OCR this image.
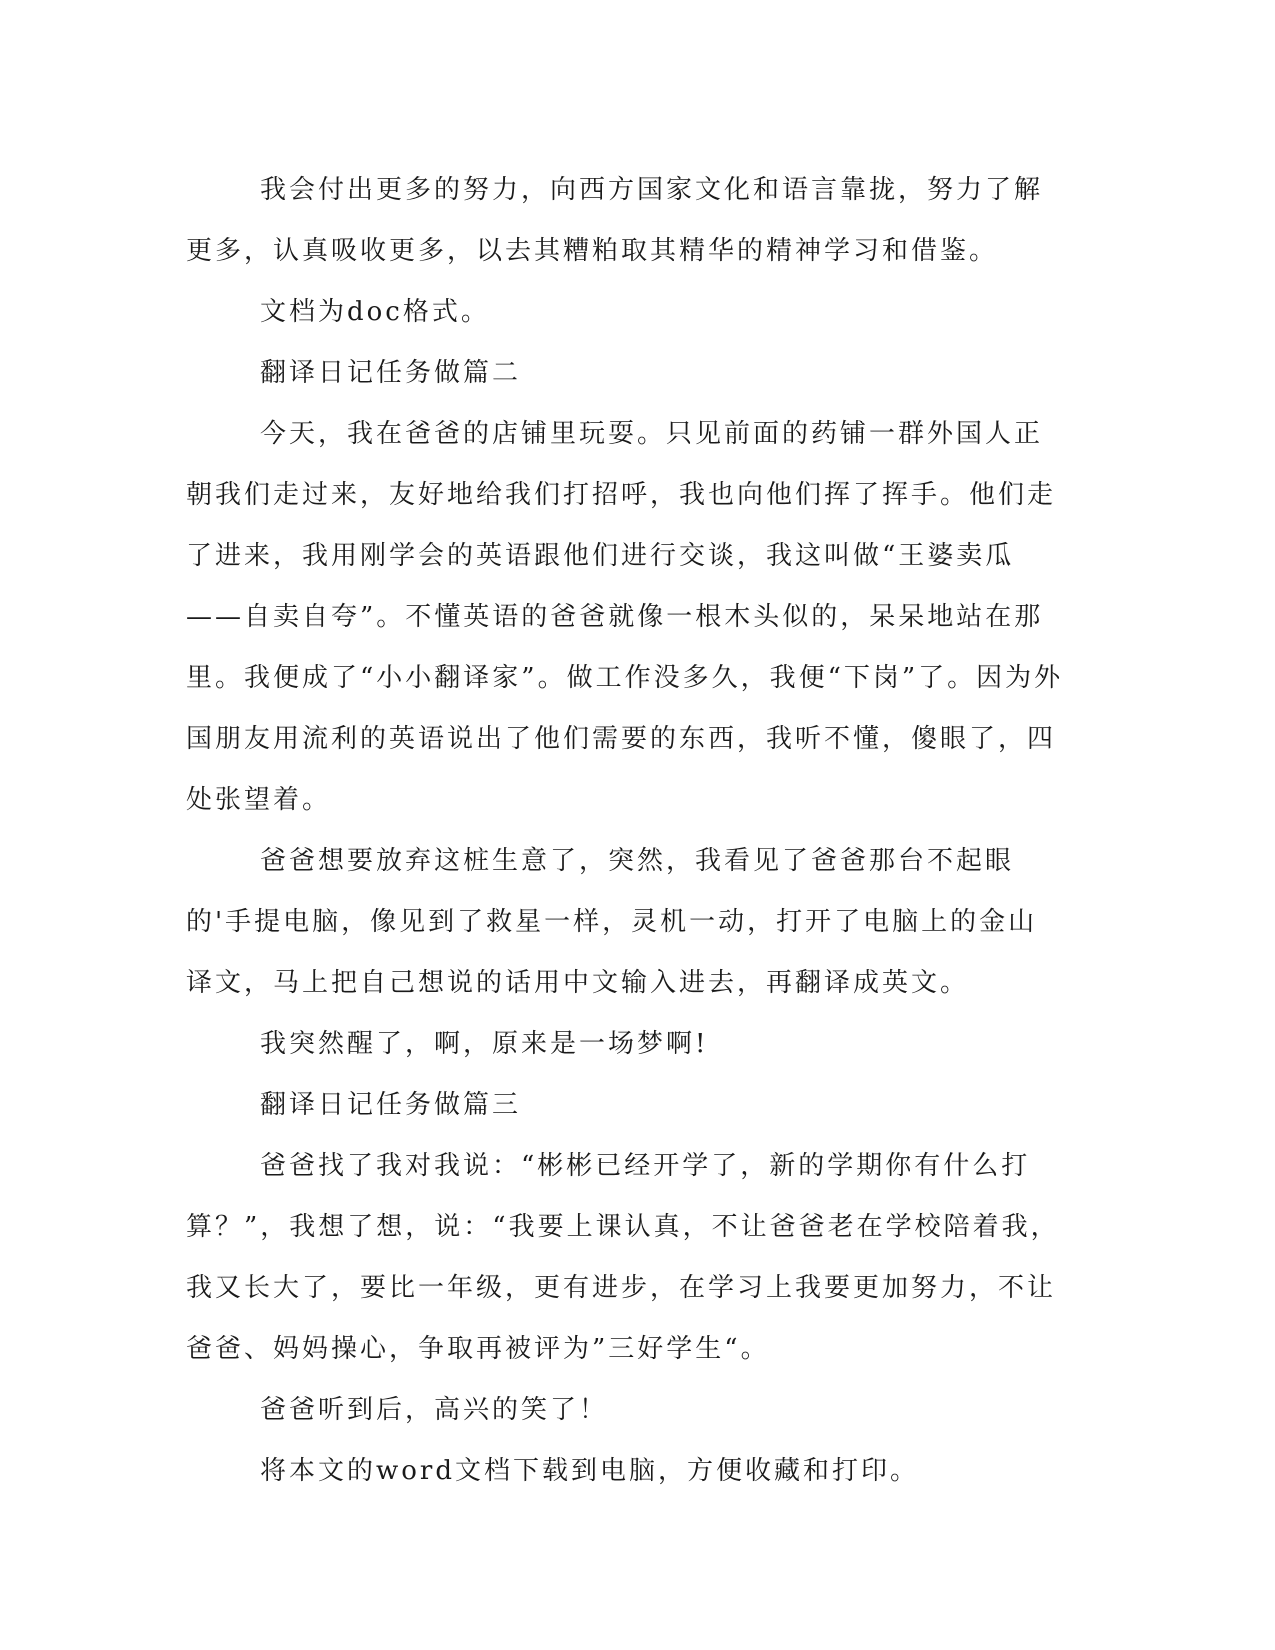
我会付出更多的努力，向西方国家文化和语言靠拢，努力了解更多，认真吸收更多，以去其糟粕取其精华的精神学习和借鉴。

文档为doc格式。

翻译日记任务做篇二

今天，我在爸爸的店铺里玩耍。只见前面的药铺一群外国人正朝我们走过来，友好地给我们打招呼，我也向他们挥了挥手。他们走了进来，我用刚学会的英语跟他们进行交谈，我这叫做“王婆卖瓜——自卖自夸”。不懂英语的爸爸就像一根木头似的，呆呆地站在那里。我便成了“小小翻译家”。做工作没多久，我便“下岗”了。因为外国朋友用流利的英语说出了他们需要的东西，我听不懂，傻眼了，四处张望着。

爸爸想要放弃这桩生意了，突然，我看见了爸爸那台不起眼的'手提电脑，像见到了救星一样，灵机一动，打开了电脑上的金山译文，马上把自己想说的话用中文输入进去，再翻译成英文。

我突然醒了，啊，原来是一场梦啊!

翻译日记任务做篇三

爸爸找了我对我说：“彬彬已经开学了，新的学期你有什么打算？”，我想了想，说：“我要上课认真，不让爸爸老在学校陪着我，我又长大了，要比一年级，更有进步，在学习上我要更加努力，不让爸爸、妈妈操心，争取再被评为”三好学生“。

爸爸听到后，高兴的笑了！

将本文的word文档下载到电脑，方便收藏和打印。
